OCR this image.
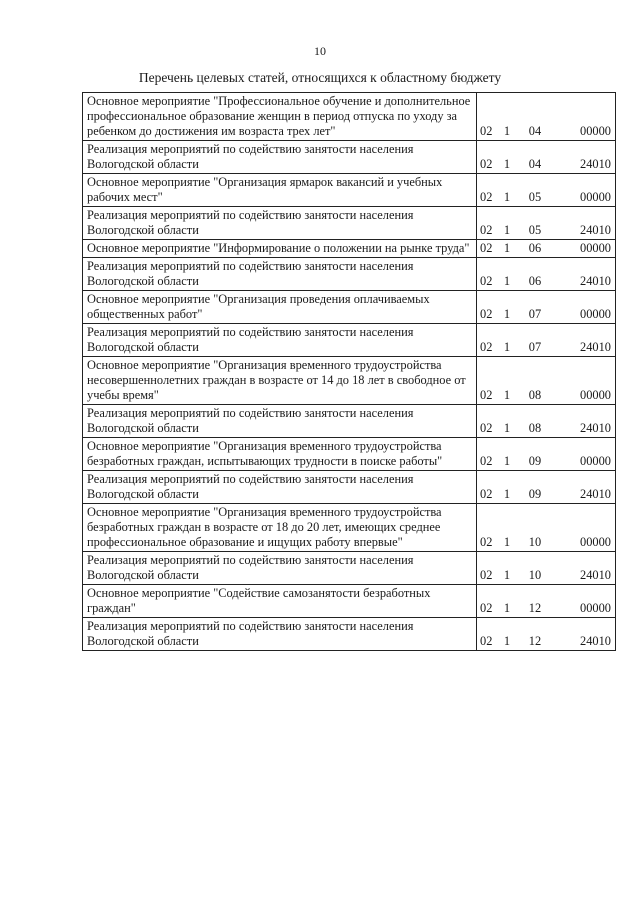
10
Перечень целевых статей, относящихся к областному бюджету
Основное мероприятие "Профессиональное обучение и дополнительное профессиональное образование женщин в период отпуска по уходу за ребенком до достижения им возраста трех лет"	02 1 04 00000

Реализация мероприятий по содействию занятости населения Вологодской области	02 1 04 24010

Основное мероприятие "Организация ярмарок вакансий и учебных рабочих мест"	02 1 05 00000

Реализация мероприятий по содействию занятости населения Вологодской области	02 1 05 24010

Основное мероприятие "Информирование о положении на рынке труда"	02 1 06 00000

Реализация мероприятий по содействию занятости населения Вологодской области	02 1 06 24010

Основное мероприятие "Организация проведения оплачиваемых общественных работ"	02 1 07 00000

Реализация мероприятий по содействию занятости населения Вологодской области	02 1 07 24010

Основное мероприятие "Организация временного трудоустройства несовершеннолетних граждан в возрасте от 14 до 18 лет в свободное от учебы время"	02 1 08 00000

Реализация мероприятий по содействию занятости населения Вологодской области	02 1 08 24010

Основное мероприятие "Организация временного трудоустройства безработных граждан, испытывающих трудности в поиске работы"	02 1 09 00000

Реализация мероприятий по содействию занятости населения Вологодской области	02 1 09 24010

Основное мероприятие "Организация временного трудоустройства безработных граждан в возрасте от 18 до 20 лет, имеющих среднее профессиональное образование и ищущих работу впервые"	02 1 10 00000

Реализация мероприятий по содействию занятости населения Вологодской области	02 1 10 24010

Основное мероприятие "Содействие самозанятости безработных граждан"	02 1 12 00000

Реализация мероприятий по содействию занятости населения Вологодской области	02 1 12 24010
